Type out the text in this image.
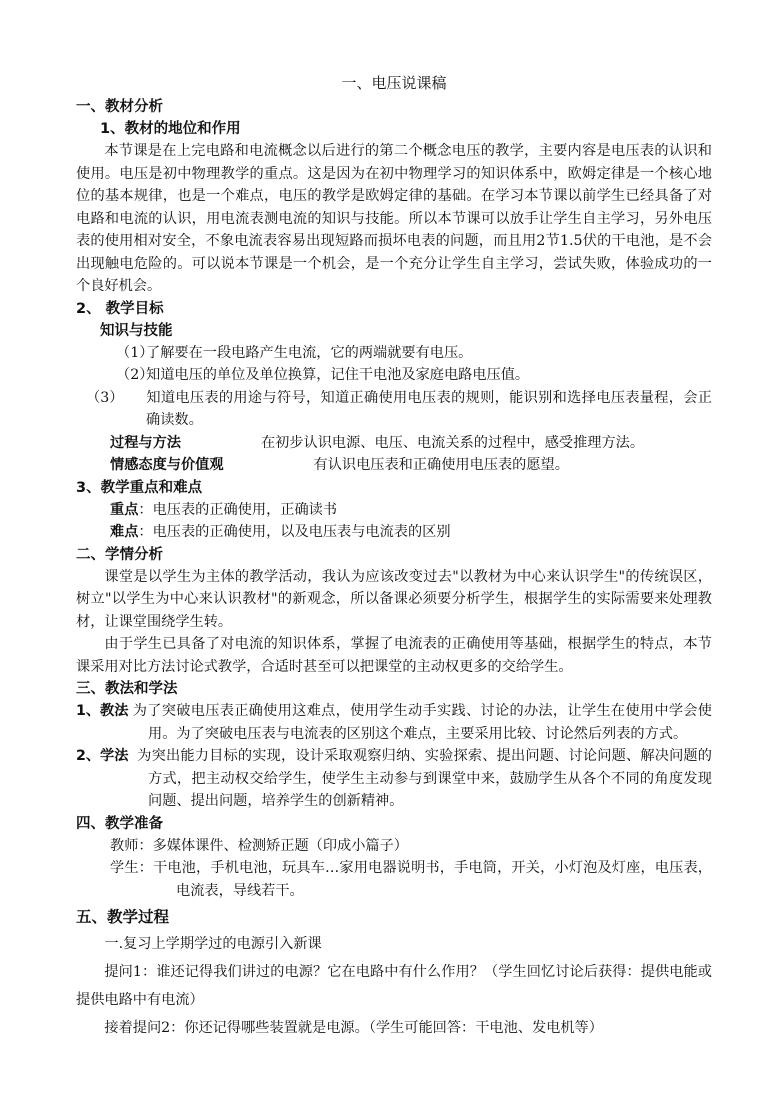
一、电压说课稿

一、教材分析

1、教材的地位和作用

本节课是在上完电路和电流概念以后进行的第二个概念电压的教学，主要内容是电压表的认识和使用。电压是初中物理教学的重点。这是因为在初中物理学习的知识体系中，欧姆定律是一个核心地位的基本规律，也是一个难点，电压的教学是欧姆定律的基础。在学习本节课以前学生已经具备了对电路和电流的认识，用电流表测电流的知识与技能。所以本节课可以放手让学生自主学习，另外电压表的使用相对安全，不象电流表容易出现短路而损坏电表的问题，而且用2节1.5伏的干电池，是不会出现触电危险的。可以说本节课是一个机会，是一个充分让学生自主学习，尝试失败，体验成功的一个良好机会。

2、 教学目标

知识与技能

（1）了解要在一段电路产生电流，它的两端就要有电压。

（2）知道电压的单位及单位换算，记住干电池及家庭电路电压值。

（3） 知道电压表的用途与符号，知道正确使用电压表的规则，能识别和选择电压表量程，会正确读数。

过程与方法	在初步认识电源、电压、电流关系的过程中，感受推理方法。

情感态度与价值观	有认识电压表和正确使用电压表的愿望。

3、教学重点和难点

重点：电压表的正确使用，正确读书

难点：电压表的正确使用，以及电压表与电流表的区别

二、学情分析

课堂是以学生为主体的教学活动，我认为应该改变过去"以教材为中心来认识学生"的传统误区，树立"以学生为中心来认识教材"的新观念，所以备课必须要分析学生，根据学生的实际需要来处理教材，让课堂围绕学生转。

由于学生已具备了对电流的知识体系，掌握了电流表的正确使用等基础，根据学生的特点，本节课采用对比方法讨论式教学，合适时甚至可以把课堂的主动权更多的交给学生。

三、教法和学法

1、教法：为了突破电压表正确使用这难点，使用学生动手实践、讨论的办法，让学生在使用中学会使用。为了突破电压表与电流表的区别这个难点，主要采用比较、讨论然后列表的方式。

2、学法： 为突出能力目标的实现，设计采取观察归纳、实验探索、提出问题、讨论问题、解决问题的方式，把主动权交给学生，使学生主动参与到课堂中来，鼓励学生从各个不同的角度发现问题、提出问题，培养学生的创新精神。

四、教学准备

教师：多媒体课件、检测矫正题（印成小篇子）

学生：干电池，手机电池，玩具车…家用电器说明书，手电筒，开关，小灯泡及灯座，电压表，电流表，导线若干。

五、教学过程

一.复习上学期学过的电源引入新课

提问1：谁还记得我们讲过的电源？它在电路中有什么作用？（学生回忆讨论后获得：提供电能或提供电路中有电流）

接着提问2：你还记得哪些装置就是电源。（学生可能回答：干电池、发电机等）
